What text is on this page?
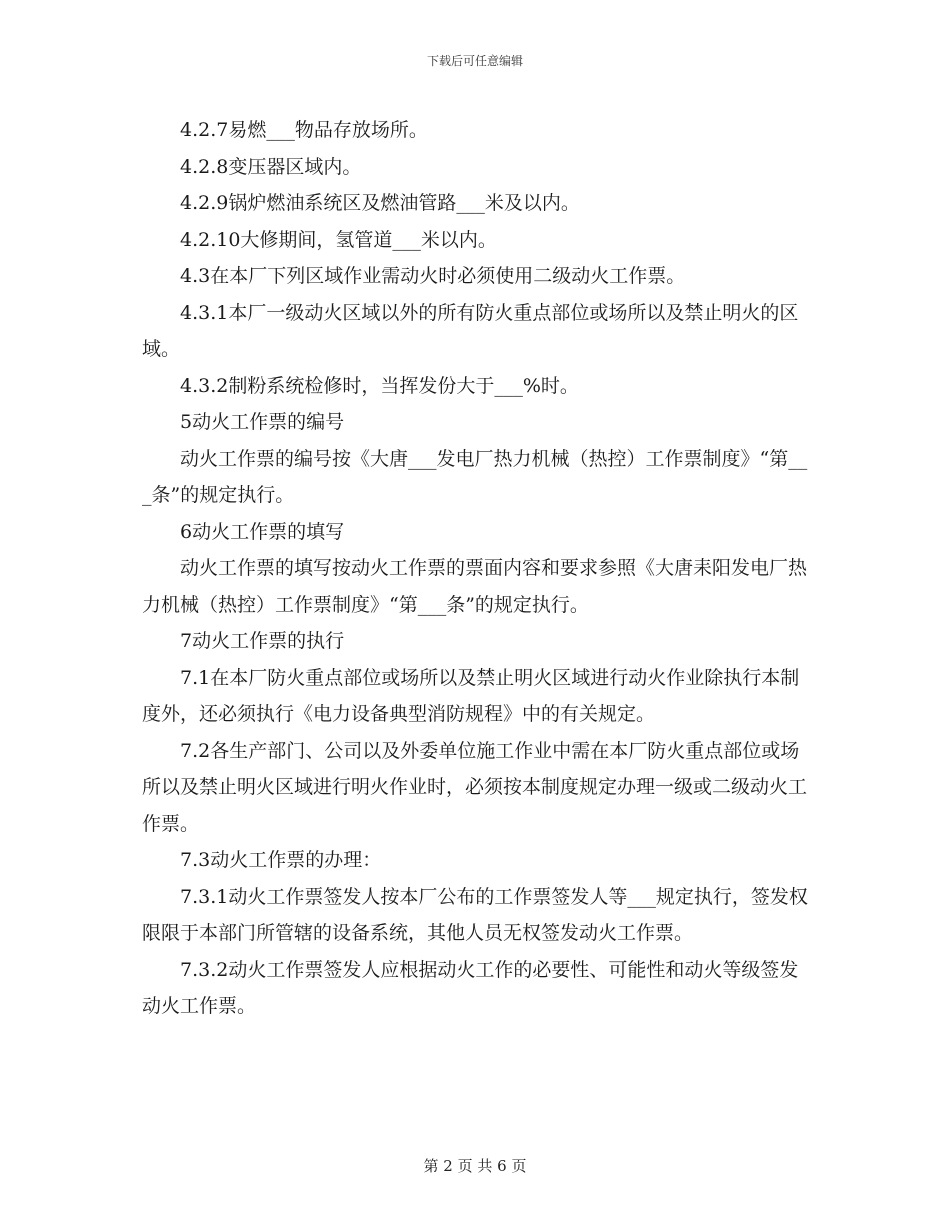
下载后可任意编辑

4.2.7易燃___物品存放场所。

4.2.8变压器区域内。

4.2.9锅炉燃油系统区及燃油管路___米及以内。

4.2.10大修期间，氢管道___米以内。

4.3在本厂下列区域作业需动火时必须使用二级动火工作票。

4.3.1本厂一级动火区域以外的所有防火重点部位或场所以及禁止明火的区域。

4.3.2制粉系统检修时，当挥发份大于___%时。

5动火工作票的编号

动火工作票的编号按《大唐___发电厂热力机械（热控）工作票制度》“第___条”的规定执行。

6动火工作票的填写

动火工作票的填写按动火工作票的票面内容和要求参照《大唐耒阳发电厂热力机械（热控）工作票制度》“第___条”的规定执行。

7动火工作票的执行

7.1在本厂防火重点部位或场所以及禁止明火区域进行动火作业除执行本制度外，还必须执行《电力设备典型消防规程》中的有关规定。

7.2各生产部门、公司以及外委单位施工作业中需在本厂防火重点部位或场所以及禁止明火区域进行明火作业时，必须按本制度规定办理一级或二级动火工作票。

7.3动火工作票的办理：

7.3.1动火工作票签发人按本厂公布的工作票签发人等___规定执行，签发权限限于本部门所管辖的设备系统，其他人员无权签发动火工作票。

7.3.2动火工作票签发人应根据动火工作的必要性、可能性和动火等级签发动火工作票。

第 2 页 共 6 页
